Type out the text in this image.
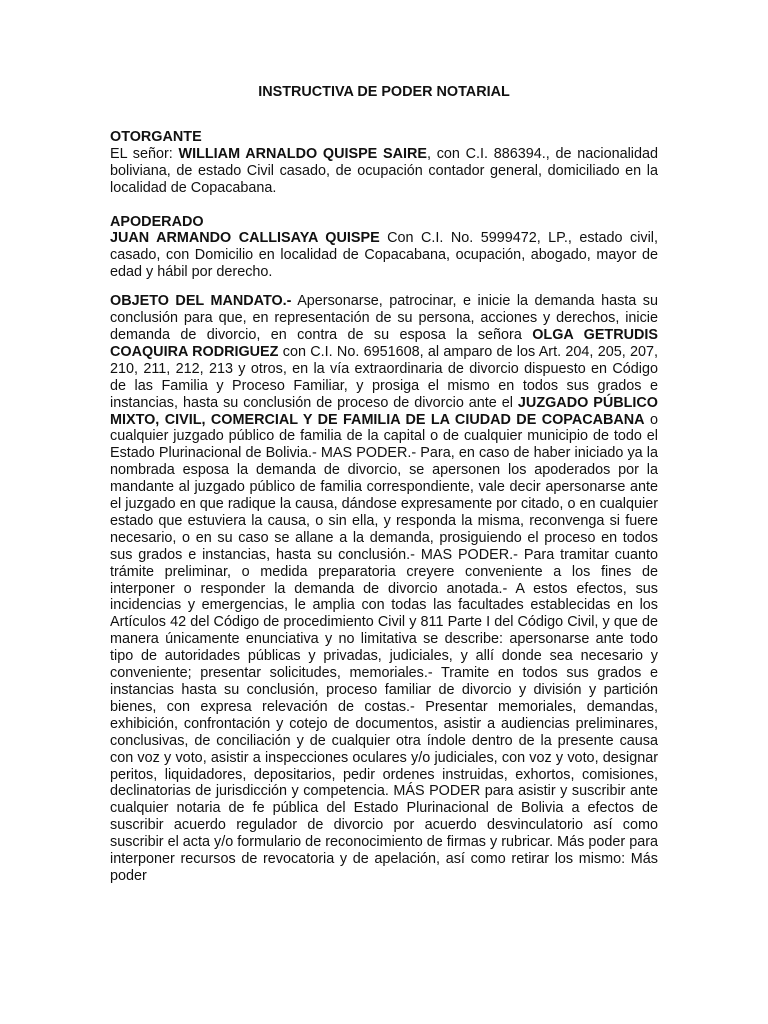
INSTRUCTIVA DE PODER NOTARIAL
OTORGANTE

EL señor: WILLIAM ARNALDO QUISPE SAIRE, con C.I. 886394., de nacionalidad boliviana, de estado Civil casado, de ocupación contador general, domiciliado en la localidad de Copacabana.

APODERADO

JUAN ARMANDO CALLISAYA QUISPE Con C.I. No. 5999472, LP., estado civil, casado, con Domicilio en localidad de Copacabana, ocupación, abogado, mayor de edad y hábil por derecho.

OBJETO DEL MANDATO.- Apersonarse, patrocinar, e inicie la demanda hasta su conclusión para que, en representación de su persona, acciones y derechos, inicie demanda de divorcio, en contra de su esposa la señora OLGA GETRUDIS COAQUIRA RODRIGUEZ con C.I. No. 6951608, al amparo de los Art. 204, 205, 207, 210, 211, 212, 213 y otros, en la vía extraordinaria de divorcio dispuesto en Código de las Familia y Proceso Familiar, y prosiga el mismo en todos sus grados e instancias, hasta su conclusión de proceso de divorcio ante el JUZGADO PÚBLICO MIXTO, CIVIL, COMERCIAL Y DE FAMILIA DE LA CIUDAD DE COPACABANA o cualquier juzgado público de familia de la capital o de cualquier municipio de todo el Estado Plurinacional de Bolivia.- MAS PODER.- Para, en caso de haber iniciado ya la nombrada esposa la demanda de divorcio, se apersonen los apoderados por la mandante al juzgado público de familia correspondiente, vale decir apersonarse ante el juzgado en que radique la causa, dándose expresamente por citado, o en cualquier estado que estuviera la causa, o sin ella, y responda la misma, reconvenga si fuere necesario, o en su caso se allane a la demanda, prosiguiendo el proceso en todos sus grados e instancias, hasta su conclusión.- MAS PODER.- Para tramitar cuanto trámite preliminar, o medida preparatoria creyere conveniente a los fines de interponer o responder la demanda de divorcio anotada.- A estos efectos, sus incidencias y emergencias, le amplia con todas las facultades establecidas en los Artículos 42 del Código de procedimiento Civil y 811 Parte I del Código Civil, y que de manera únicamente enunciativa y no limitativa se describe: apersonarse ante todo tipo de autoridades públicas y privadas, judiciales, y allí donde sea necesario y conveniente; presentar solicitudes, memoriales.- Tramite en todos sus grados e instancias hasta su conclusión, proceso familiar de divorcio y división y partición bienes, con expresa relevación de costas.- Presentar memoriales, demandas, exhibición, confrontación y cotejo de documentos, asistir a audiencias preliminares, conclusivas, de conciliación y de cualquier otra índole dentro de la presente causa con voz y voto, asistir a inspecciones oculares y/o judiciales, con voz y voto, designar peritos, liquidadores, depositarios, pedir ordenes instruidas, exhortos, comisiones, declinatorias de jurisdicción y competencia. MÁS PODER para asistir y suscribir ante cualquier notaria de fe pública del Estado Plurinacional de Bolivia a efectos de suscribir acuerdo regulador de divorcio por acuerdo desvinculatorio así como suscribir el acta y/o formulario de reconocimiento de firmas y rubricar. Más poder para interponer recursos de revocatoria y de apelación, así como retirar los mismo: Más poder
